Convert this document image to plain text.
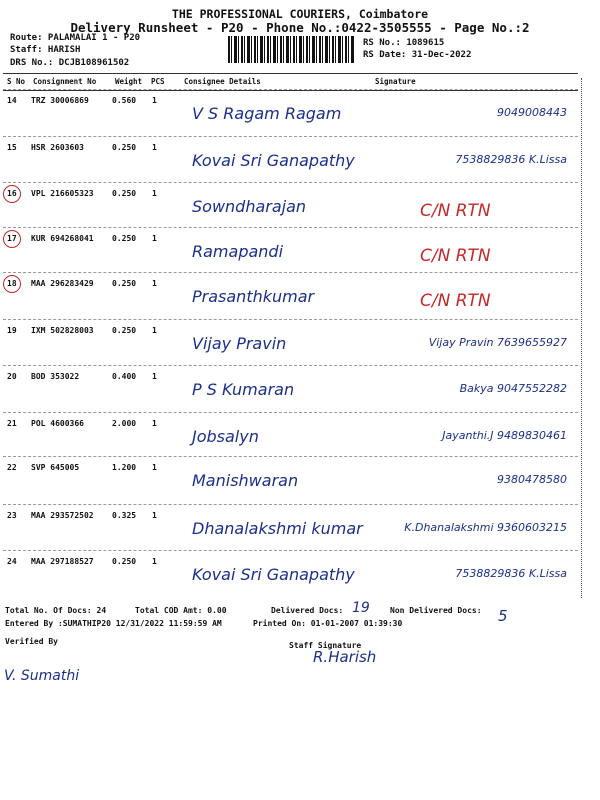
THE PROFESSIONAL COURIERS, Coimbatore
Delivery Runsheet - P20 - Phone No.:0422-3505555 - Page No.:2
Route: PALAMALAI 1 - P20
Staff: HARISH
DRS No.: DCJB108961502
RS No.: 1089615
RS Date: 31-Dec-2022
S No Consignment No	Weight PCS	Consignee Details	Signature
14 TRZ 30006869	0.560 1
V S Ragam Ragam	9049008443
15 HSR 2603603	0.250 1
Kovai Sri Ganapathy	7538829836 K.Lissa
16 VPL 216605323 0.250 1
Sowndharajan	C/N RTN
17 KUR 694268041 0.250 1
Ramapandi	C/N RTN
18 MAA 296283429 0.250 1
Prasanthkumar	C/N RTN
19 IXM 502828003 0.250 1
Vijay Pravin	Vijay Pravin 7639655927
20 BOD 353022	0.400 1
P S Kumaran	Bakya 9047552282
21 POL 4600366	2.000 1
Jobsalyn	Jayanthi.J 9489830461
22 SVP 645005	1.200 1
Manishwaran	9380478580
23 MAA 293572502 0.325 1
Dhanalakshmi kumar	K.Dhanalakshmi 9360603215
24 MAA 297188527 0.250 1
Kovai Sri Ganapathy	7538829836 K.Lissa
Total No. Of Docs: 24	Total COD Amt: 0.00	Delivered Docs: 19	Non Delivered Docs: 5
Entered By :SUMATHIP20 12/31/2022 11:59:59 AM	Printed On: 01-01-2007 01:39:30
Verified By	Staff Signature
V. Sumathi
R.Harish
